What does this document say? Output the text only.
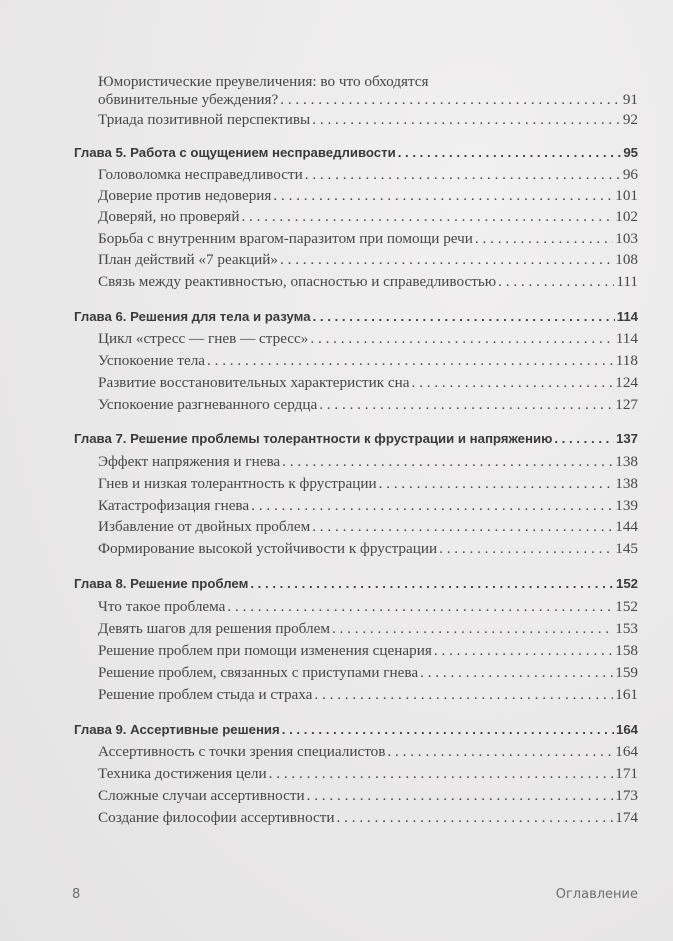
Юмористические преувеличения: во что обходятся
обвинительные убеждения? . . .	91
Триада позитивной перспективы . . .	92
Глава 5. Работа с ощущением несправедливости . . .	95
Головоломка несправедливости . . .	96
Доверие против недоверия . . .	101
Доверяй, но проверяй . . .	102
Борьба с внутренним врагом-паразитом при помощи речи . . .	103
План действий «7 реакций» . . .	108
Связь между реактивностью, опасностью и справедливостью . . .	111
Глава 6. Решения для тела и разума . . .	114
Цикл «стресс — гнев — стресс» . . .	114
Успокоение тела . . .	118
Развитие восстановительных характеристик сна . . .	124
Успокоение разгневанного сердца . . .	127
Глава 7. Решение проблемы толерантности к фрустрации и напряжению . . .	137
Эффект напряжения и гнева . . .	138
Гнев и низкая толерантность к фрустрации . . .	138
Катастрофизация гнева . . .	139
Избавление от двойных проблем . . .	144
Формирование высокой устойчивости к фрустрации . . .	145
Глава 8. Решение проблем . . .	152
Что такое проблема . . .	152
Девять шагов для решения проблем . . .	153
Решение проблем при помощи изменения сценария . . .	158
Решение проблем, связанных с приступами гнева . . .	159
Решение проблем стыда и страха . . .	161
Глава 9. Ассертивные решения . . .	164
Ассертивность с точки зрения специалистов . . .	164
Техника достижения цели . . .	171
Сложные случаи ассертивности . . .	173
Создание философии ассертивности . . .	174
8	Оглавление
